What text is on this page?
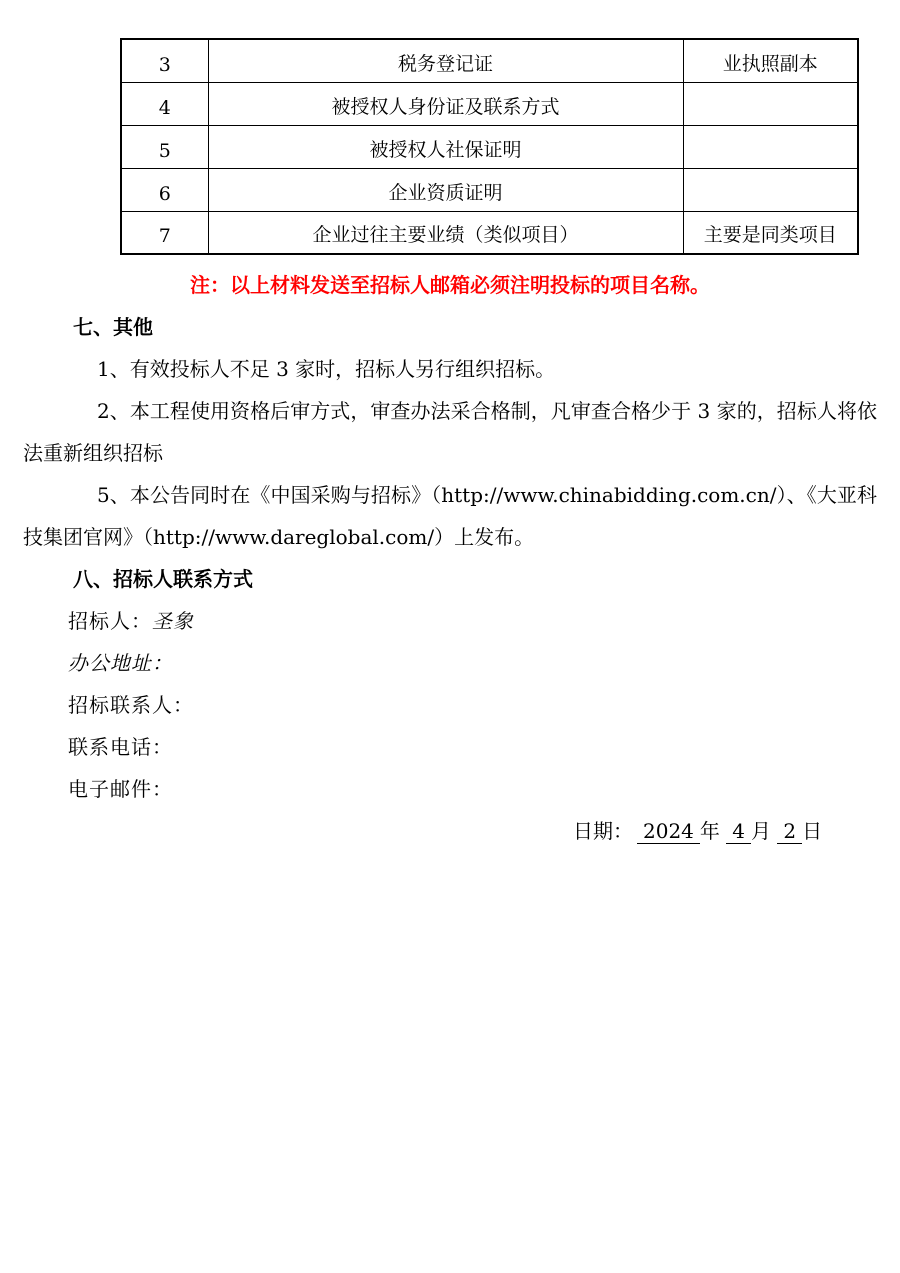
3	税务登记证	业执照副本
4	被授权人身份证及联系方式	
5	被授权人社保证明	
6	企业资质证明	
7	企业过往主要业绩（类似项目）	主要是同类项目
注：以上材料发送至招标人邮箱必须注明投标的项目名称。
七、其他
1、有效投标人不足 3 家时，招标人另行组织招标。
2、本工程使用资格后审方式，审查办法采合格制，凡审查合格少于 3 家的，招标人将依法重新组织招标
5、本公告同时在《中国采购与招标》（http://www.chinabidding.com.cn/）、《大亚科技集团官网》（http://www.dareglobal.com/）上发布。
八、招标人联系方式
招标人：圣象
办公地址：
招标联系人：
联系电话：
电子邮件：
日期： 2024 年 4 月 2 日
